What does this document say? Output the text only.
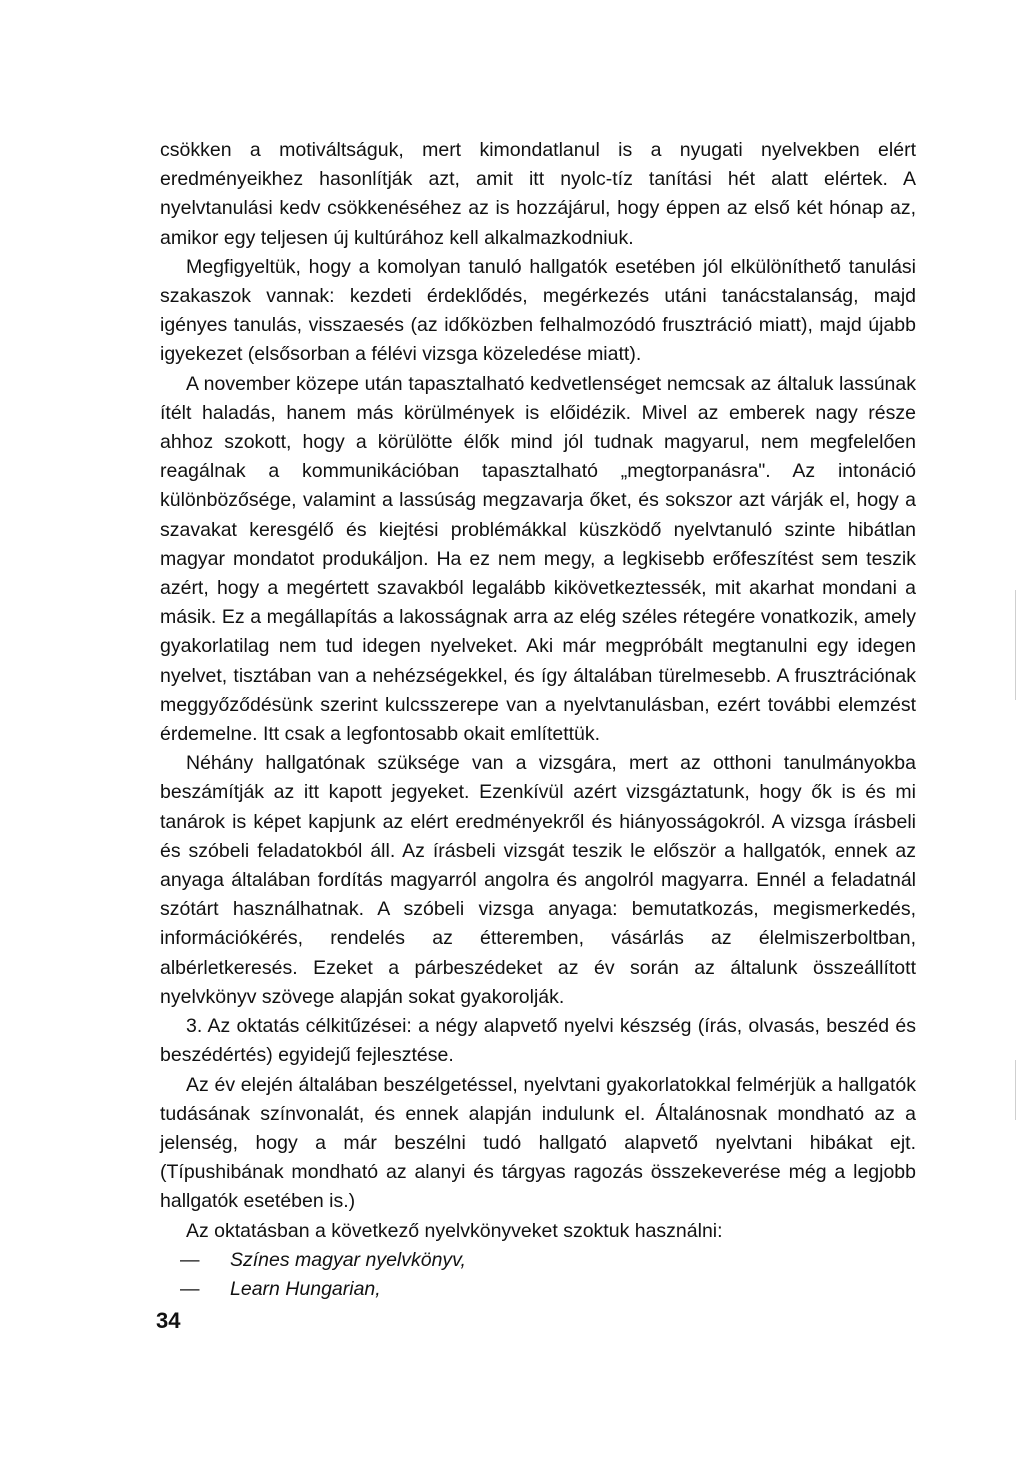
csökken a motiváltságuk, mert kimondatlanul is a nyugati nyelvekben elért eredményeikhez hasonlítják azt, amit itt nyolc-tíz tanítási hét alatt elértek. A nyelvtanulási kedv csökkenéséhez az is hozzájárul, hogy éppen az első két hónap az, amikor egy teljesen új kultúrához kell alkalmazkodniuk.

Megfigyeltük, hogy a komolyan tanuló hallgatók esetében jól elkülöníthető tanulási szakaszok vannak: kezdeti érdeklődés, megérkezés utáni tanácstalanság, majd igényes tanulás, visszaesés (az időközben felhalmozódó frusztráció miatt), majd újabb igyekezet (elsősorban a félévi vizsga közeledése miatt).

A november közepe után tapasztalható kedvetlenséget nemcsak az általuk lassúnak ítélt haladás, hanem más körülmények is előidézik. Mivel az emberek nagy része ahhoz szokott, hogy a körülötte élők mind jól tudnak magyarul, nem megfelelően reagálnak a kommunikációban tapasztalható „megtorpanásra". Az intonáció különbözősége, valamint a lassúság megzavarja őket, és sokszor azt várják el, hogy a szavakat keresgélő és kiejtési problémákkal küszködő nyelvtanuló szinte hibátlan magyar mondatot produkáljon. Ha ez nem megy, a legkisebb erőfeszítést sem teszik azért, hogy a megértett szavakból legalább kikövetkeztessék, mit akarhat mondani a másik. Ez a megállapítás a lakosságnak arra az elég széles rétegére vonatkozik, amely gyakorlatilag nem tud idegen nyelveket. Aki már megpróbált megtanulni egy idegen nyelvet, tisztában van a nehézségekkel, és így általában türelmesebb. A frusztrációnak meggyőződésünk szerint kulcsszerepe van a nyelvtanulásban, ezért további elemzést érdemelne. Itt csak a legfontosabb okait említettük.

Néhány hallgatónak szüksége van a vizsgára, mert az otthoni tanulmányokba beszámítják az itt kapott jegyeket. Ezenkívül azért vizsgáztatunk, hogy ők is és mi tanárok is képet kapjunk az elért eredményekről és hiányosságokról. A vizsga írásbeli és szóbeli feladatokból áll. Az írásbeli vizsgát teszik le először a hallgatók, ennek az anyaga általában fordítás magyarról angolra és angolról magyarra. Ennél a feladatnál szótárt használhatnak. A szóbeli vizsga anyaga: bemutatkozás, megismerkedés, információkérés, rendelés az étteremben, vásárlás az élelmiszerboltban, albérletkeresés. Ezeket a párbeszédeket az év során az általunk összeállított nyelvkönyv szövege alapján sokat gyakorolják.

3. Az oktatás célkitűzései: a négy alapvető nyelvi készség (írás, olvasás, beszéd és beszédértés) egyidejű fejlesztése.

Az év elején általában beszélgetéssel, nyelvtani gyakorlatokkal felmérjük a hallgatók tudásának színvonalát, és ennek alapján indulunk el. Általánosnak mondható az a jelenség, hogy a már beszélni tudó hallgató alapvető nyelvtani hibákat ejt. (Típushibának mondható az alanyi és tárgyas ragozás összekeverése még a legjobb hallgatók esetében is.)

Az oktatásban a következő nyelvkönyveket szoktuk használni:

—	Színes magyar nyelvkönyv,
—	Learn Hungarian,
34
